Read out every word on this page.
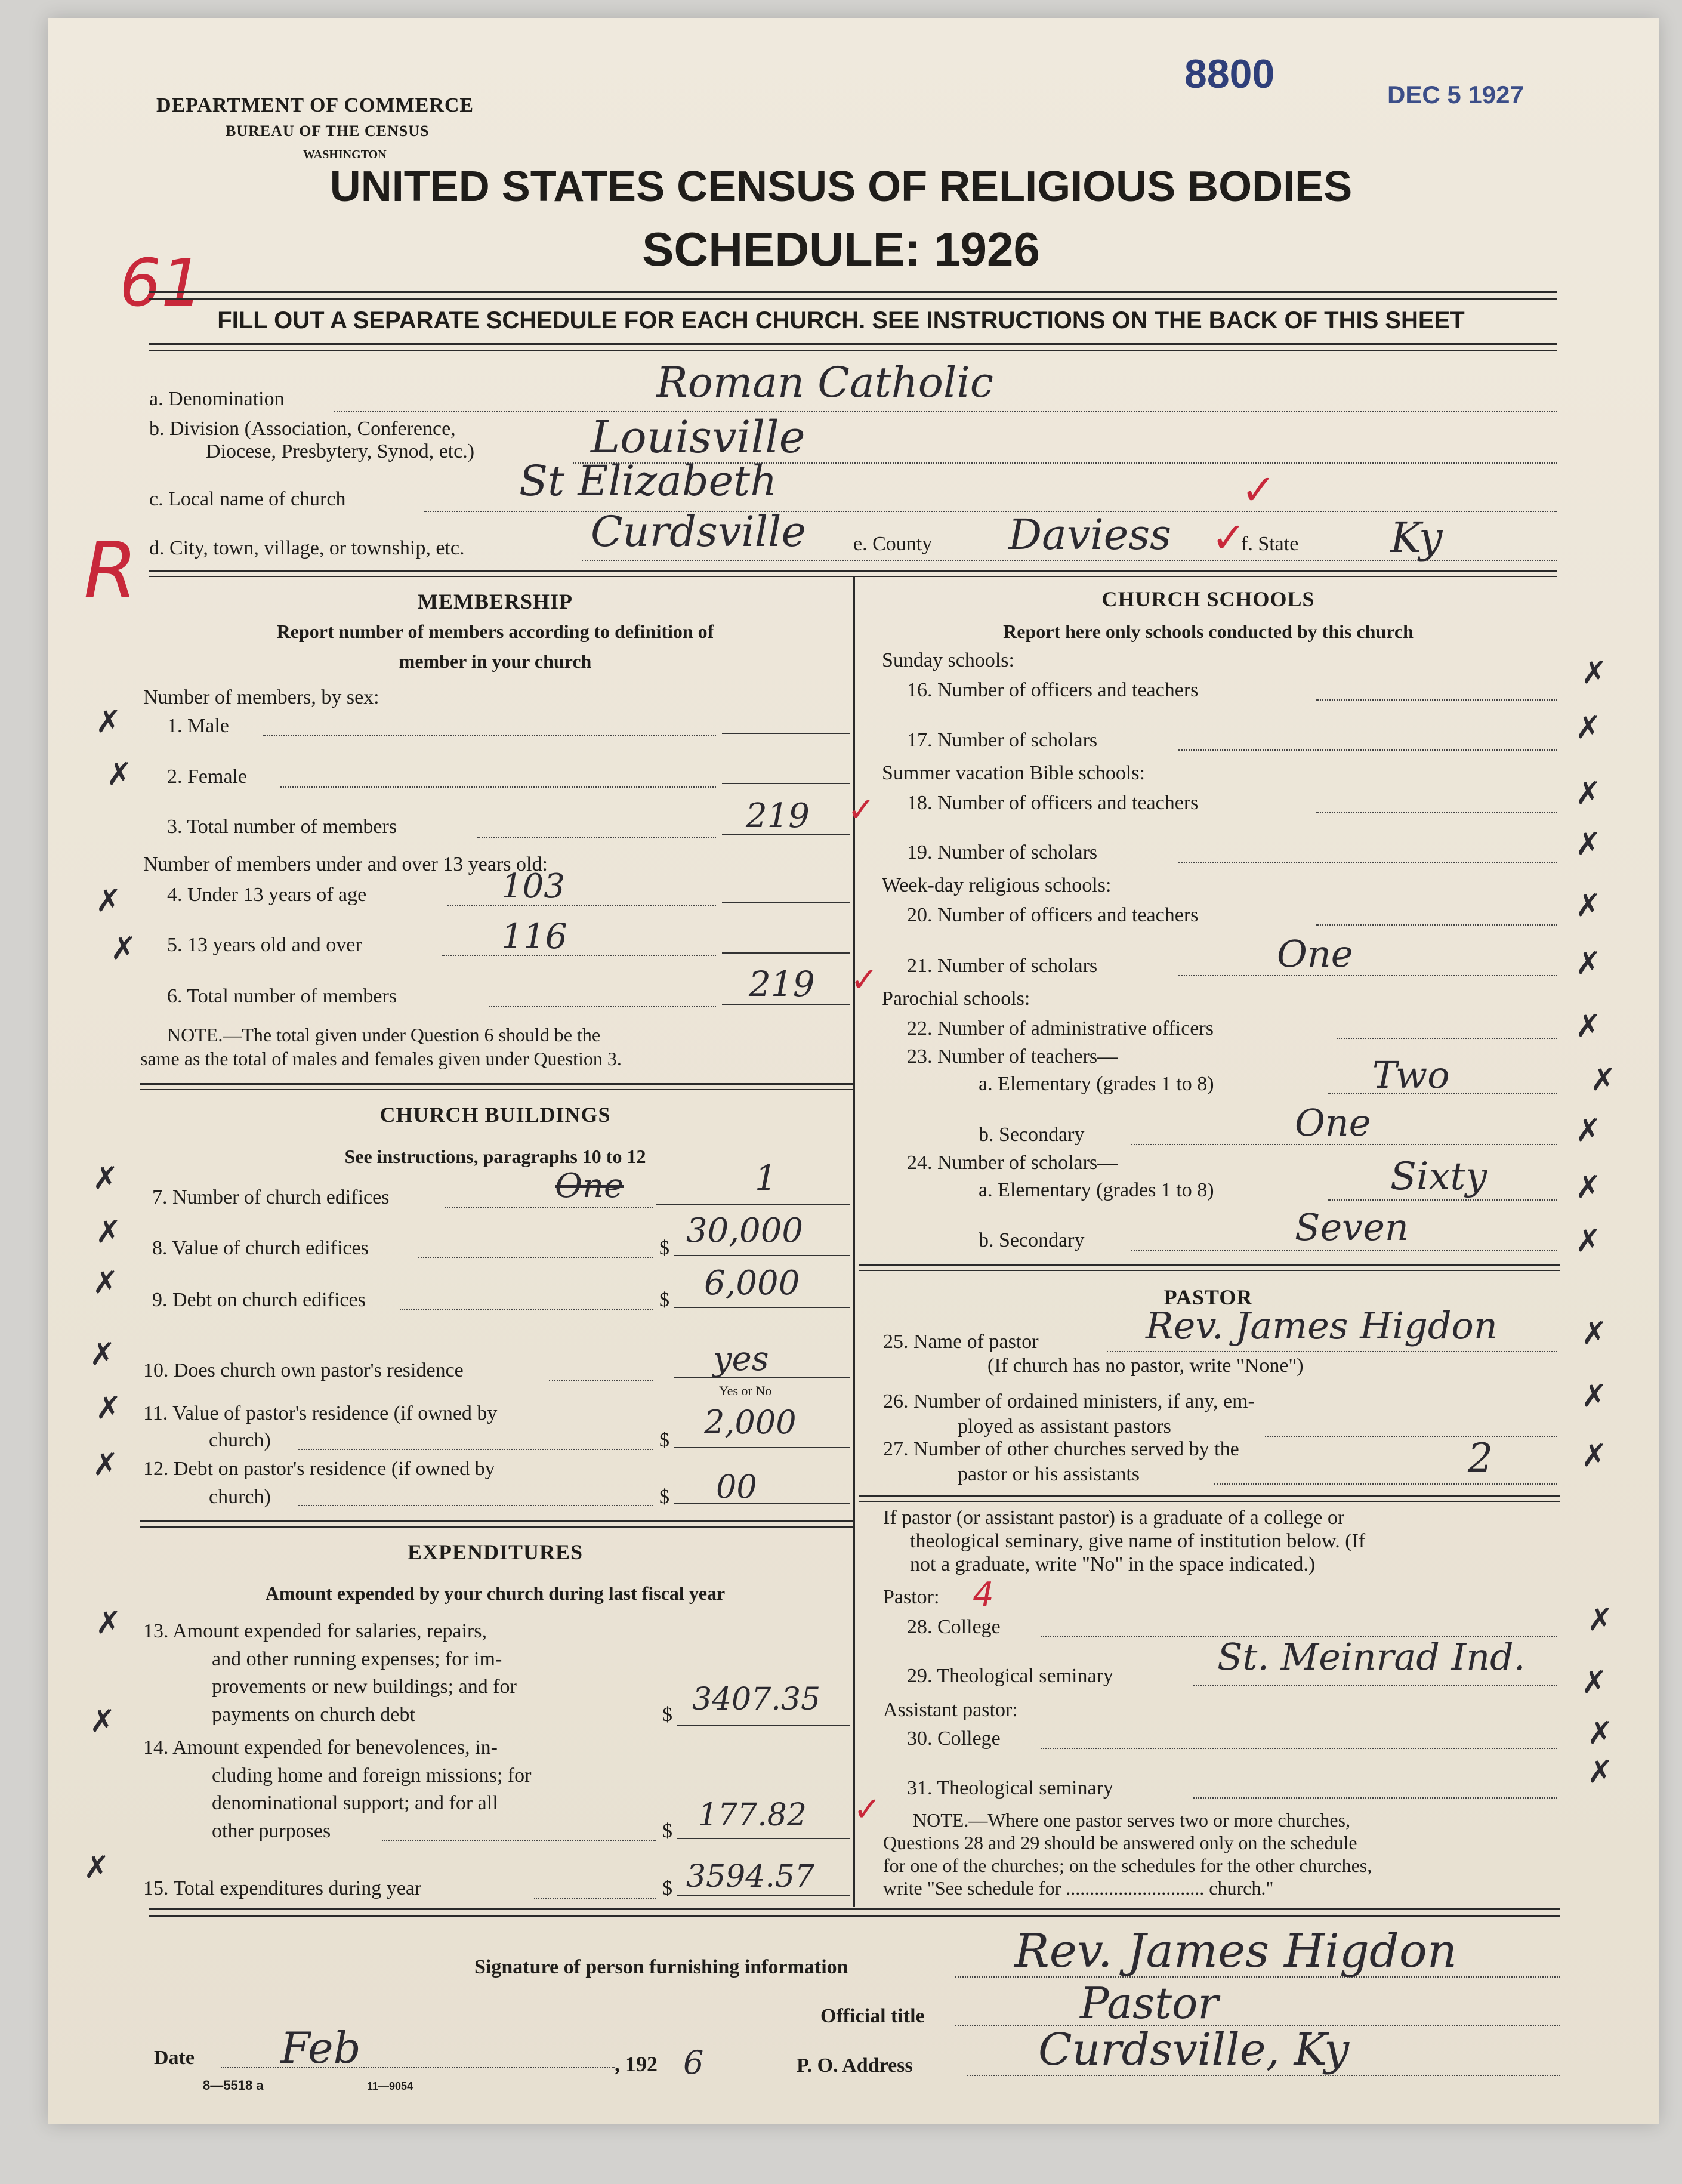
DEPARTMENT OF COMMERCE
BUREAU OF THE CENSUS
WASHINGTON
8800	DEC 5 1927
UNITED STATES CENSUS OF RELIGIOUS BODIES
SCHEDULE: 1926
61 FILL OUT A SEPARATE SCHEDULE FOR EACH CHURCH. SEE INSTRUCTIONS ON THE BACK OF THIS SHEET
a. Denomination	Roman Catholic
b. Division (Association, Conference,
Diocese, Presbytery, Synod, etc.)	Louisville
c. Local name of church	St Elizabeth	✓
R d. City, town, village, or township, etc.	Curdsville e. County Daviess ✓
f. State Ky
MEMBERSHIP
Report number of members according to definition of
member in your church
Number of members, by sex:
✗ 1. Male
✗ 2. Female
3. Total number of members	219 ✓
Number of members under and over 13 years old:
✗ 4. Under 13 years of age	103
✗ 5. 13 years old and over	116
6. Total number of members	219 ✓
NOTE.—The total given under Question 6 should be the
same as the total of males and females given under Question 3.
CHURCH BUILDINGS
See instructions, paragraphs 10 to 12
✗
7. Number of church edifices	One	1
✗ 8. Value of church edifices	$ 30,000
✗ 9. Debt on church edifices	$ 6,000
✗ 10. Does church own pastor's residence	yes
Yes or No
✗ 11. Value of pastor's residence (if owned by
church)	$ 2,000
✗ 12. Debt on pastor's residence (if owned by
church)	$ 00
EXPENDITURES
Amount expended by your church during last fiscal year
✗ 13. Amount expended for salaries, repairs,
and other running expenses; for im-
provements or new buildings; and for
payments on church debt	$ 3407.35
✗
14. Amount expended for benevolences, in-
cluding home and foreign missions; for
denominational support; and for all
other purposes	$ 177.82 ✓
✗
15. Total expenditures during year	$ 3594.57
CHURCH SCHOOLS
Report here only schools conducted by this church
Sunday schools:
16. Number of officers and teachers	✗
17. Number of scholars	✗
Summer vacation Bible schools:
18. Number of officers and teachers	✗
19. Number of scholars	✗
Week-day religious schools:
20. Number of officers and teachers	✗
21. Number of scholars	One	✗
Parochial schools:
22. Number of administrative officers	✗
23. Number of teachers—
a. Elementary (grades 1 to 8)	Two	✗
b. Secondary	One	✗
24. Number of scholars—
a. Elementary (grades 1 to 8)	Sixty	✗
b. Secondary	Seven	✗
PASTOR
25. Name of pastor	Rev. James Higdon	✗
(If church has no pastor, write "None")
26. Number of ordained ministers, if any, em-
ployed as assistant pastors
✗
27. Number of other churches served by the
pastor or his assistants	2	✗
If pastor (or assistant pastor) is a graduate of a college or
theological seminary, give name of institution below. (If
not a graduate, write "No" in the space indicated.)
Pastor: 4
28. College	✗
29. Theological seminary	St. Meinrad Ind.
✗
Assistant pastor:
30. College	✗
31. Theological seminary	✗
NOTE.—Where one pastor serves two or more churches,
Questions 28 and 29 should be answered only on the schedule
for one of the churches; on the schedules for the other churches,
write "See schedule for ............................. church."
Signature of person furnishing information	Rev. James Higdon
Official title	Pastor
Date Feb	, 192 6	P. O. Address	Curdsville, Ky
8—5518 a	11—9054
